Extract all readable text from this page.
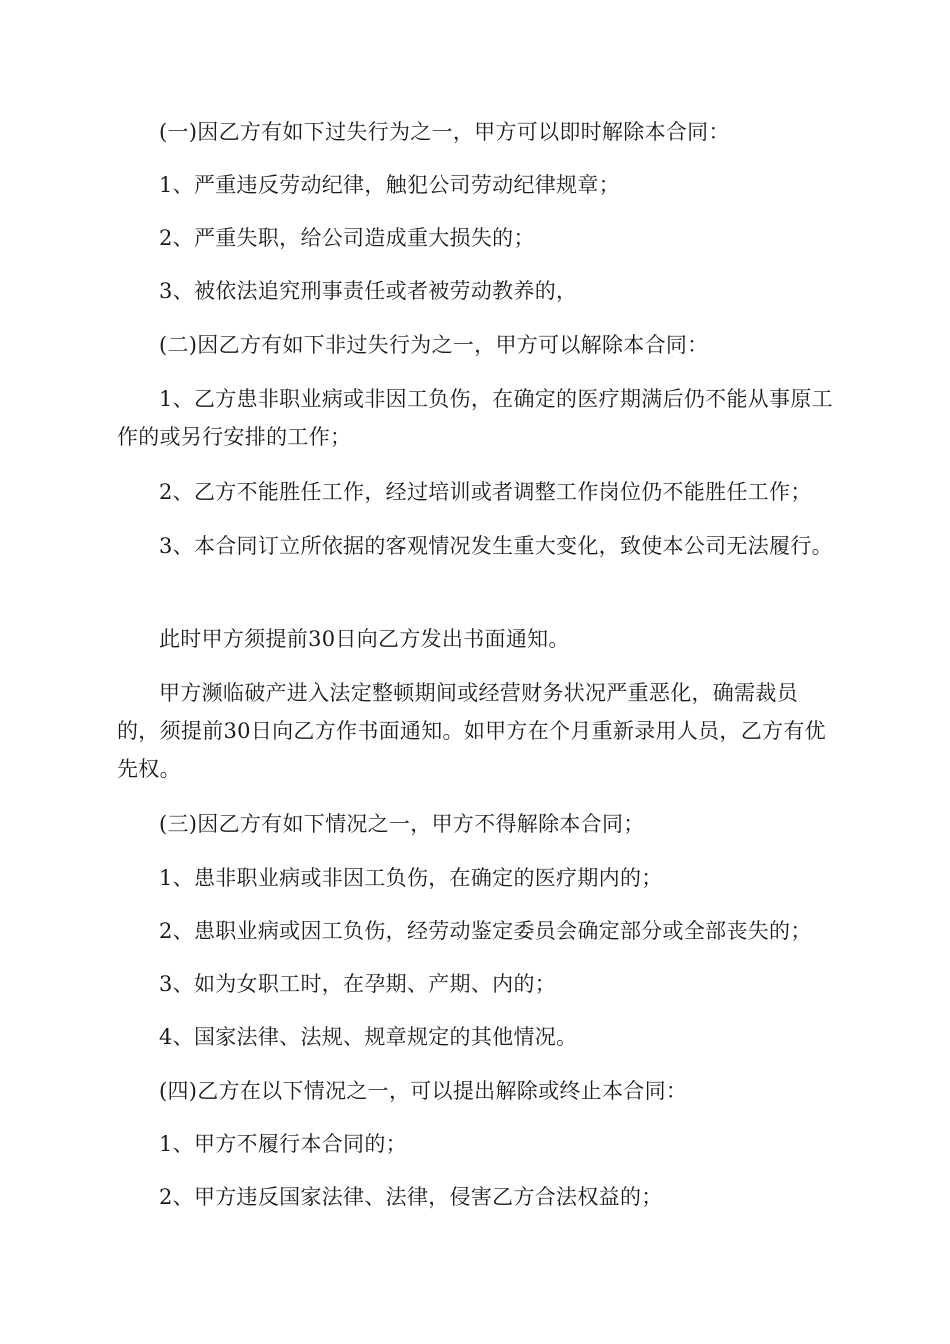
(一)因乙方有如下过失行为之一，甲方可以即时解除本合同：

1、严重违反劳动纪律，触犯公司劳动纪律规章；

2、严重失职，给公司造成重大损失的；

3、被依法追究刑事责任或者被劳动教养的，

(二)因乙方有如下非过失行为之一，甲方可以解除本合同：

1、乙方患非职业病或非因工负伤，在确定的医疗期满后仍不能从事原工作的或另行安排的工作；

2、乙方不能胜任工作，经过培训或者调整工作岗位仍不能胜任工作；

3、本合同订立所依据的客观情况发生重大变化，致使本公司无法履行。

此时甲方须提前30日向乙方发出书面通知。

甲方濒临破产进入法定整顿期间或经营财务状况严重恶化，确需裁员的，须提前30日向乙方作书面通知。如甲方在个月重新录用人员，乙方有优先权。

(三)因乙方有如下情况之一，甲方不得解除本合同；

1、患非职业病或非因工负伤，在确定的医疗期内的；

2、患职业病或因工负伤，经劳动鉴定委员会确定部分或全部丧失的；

3、如为女职工时，在孕期、产期、内的；

4、国家法律、法规、规章规定的其他情况。

(四)乙方在以下情况之一，可以提出解除或终止本合同：

1、甲方不履行本合同的；

2、甲方违反国家法律、法律，侵害乙方合法权益的；
